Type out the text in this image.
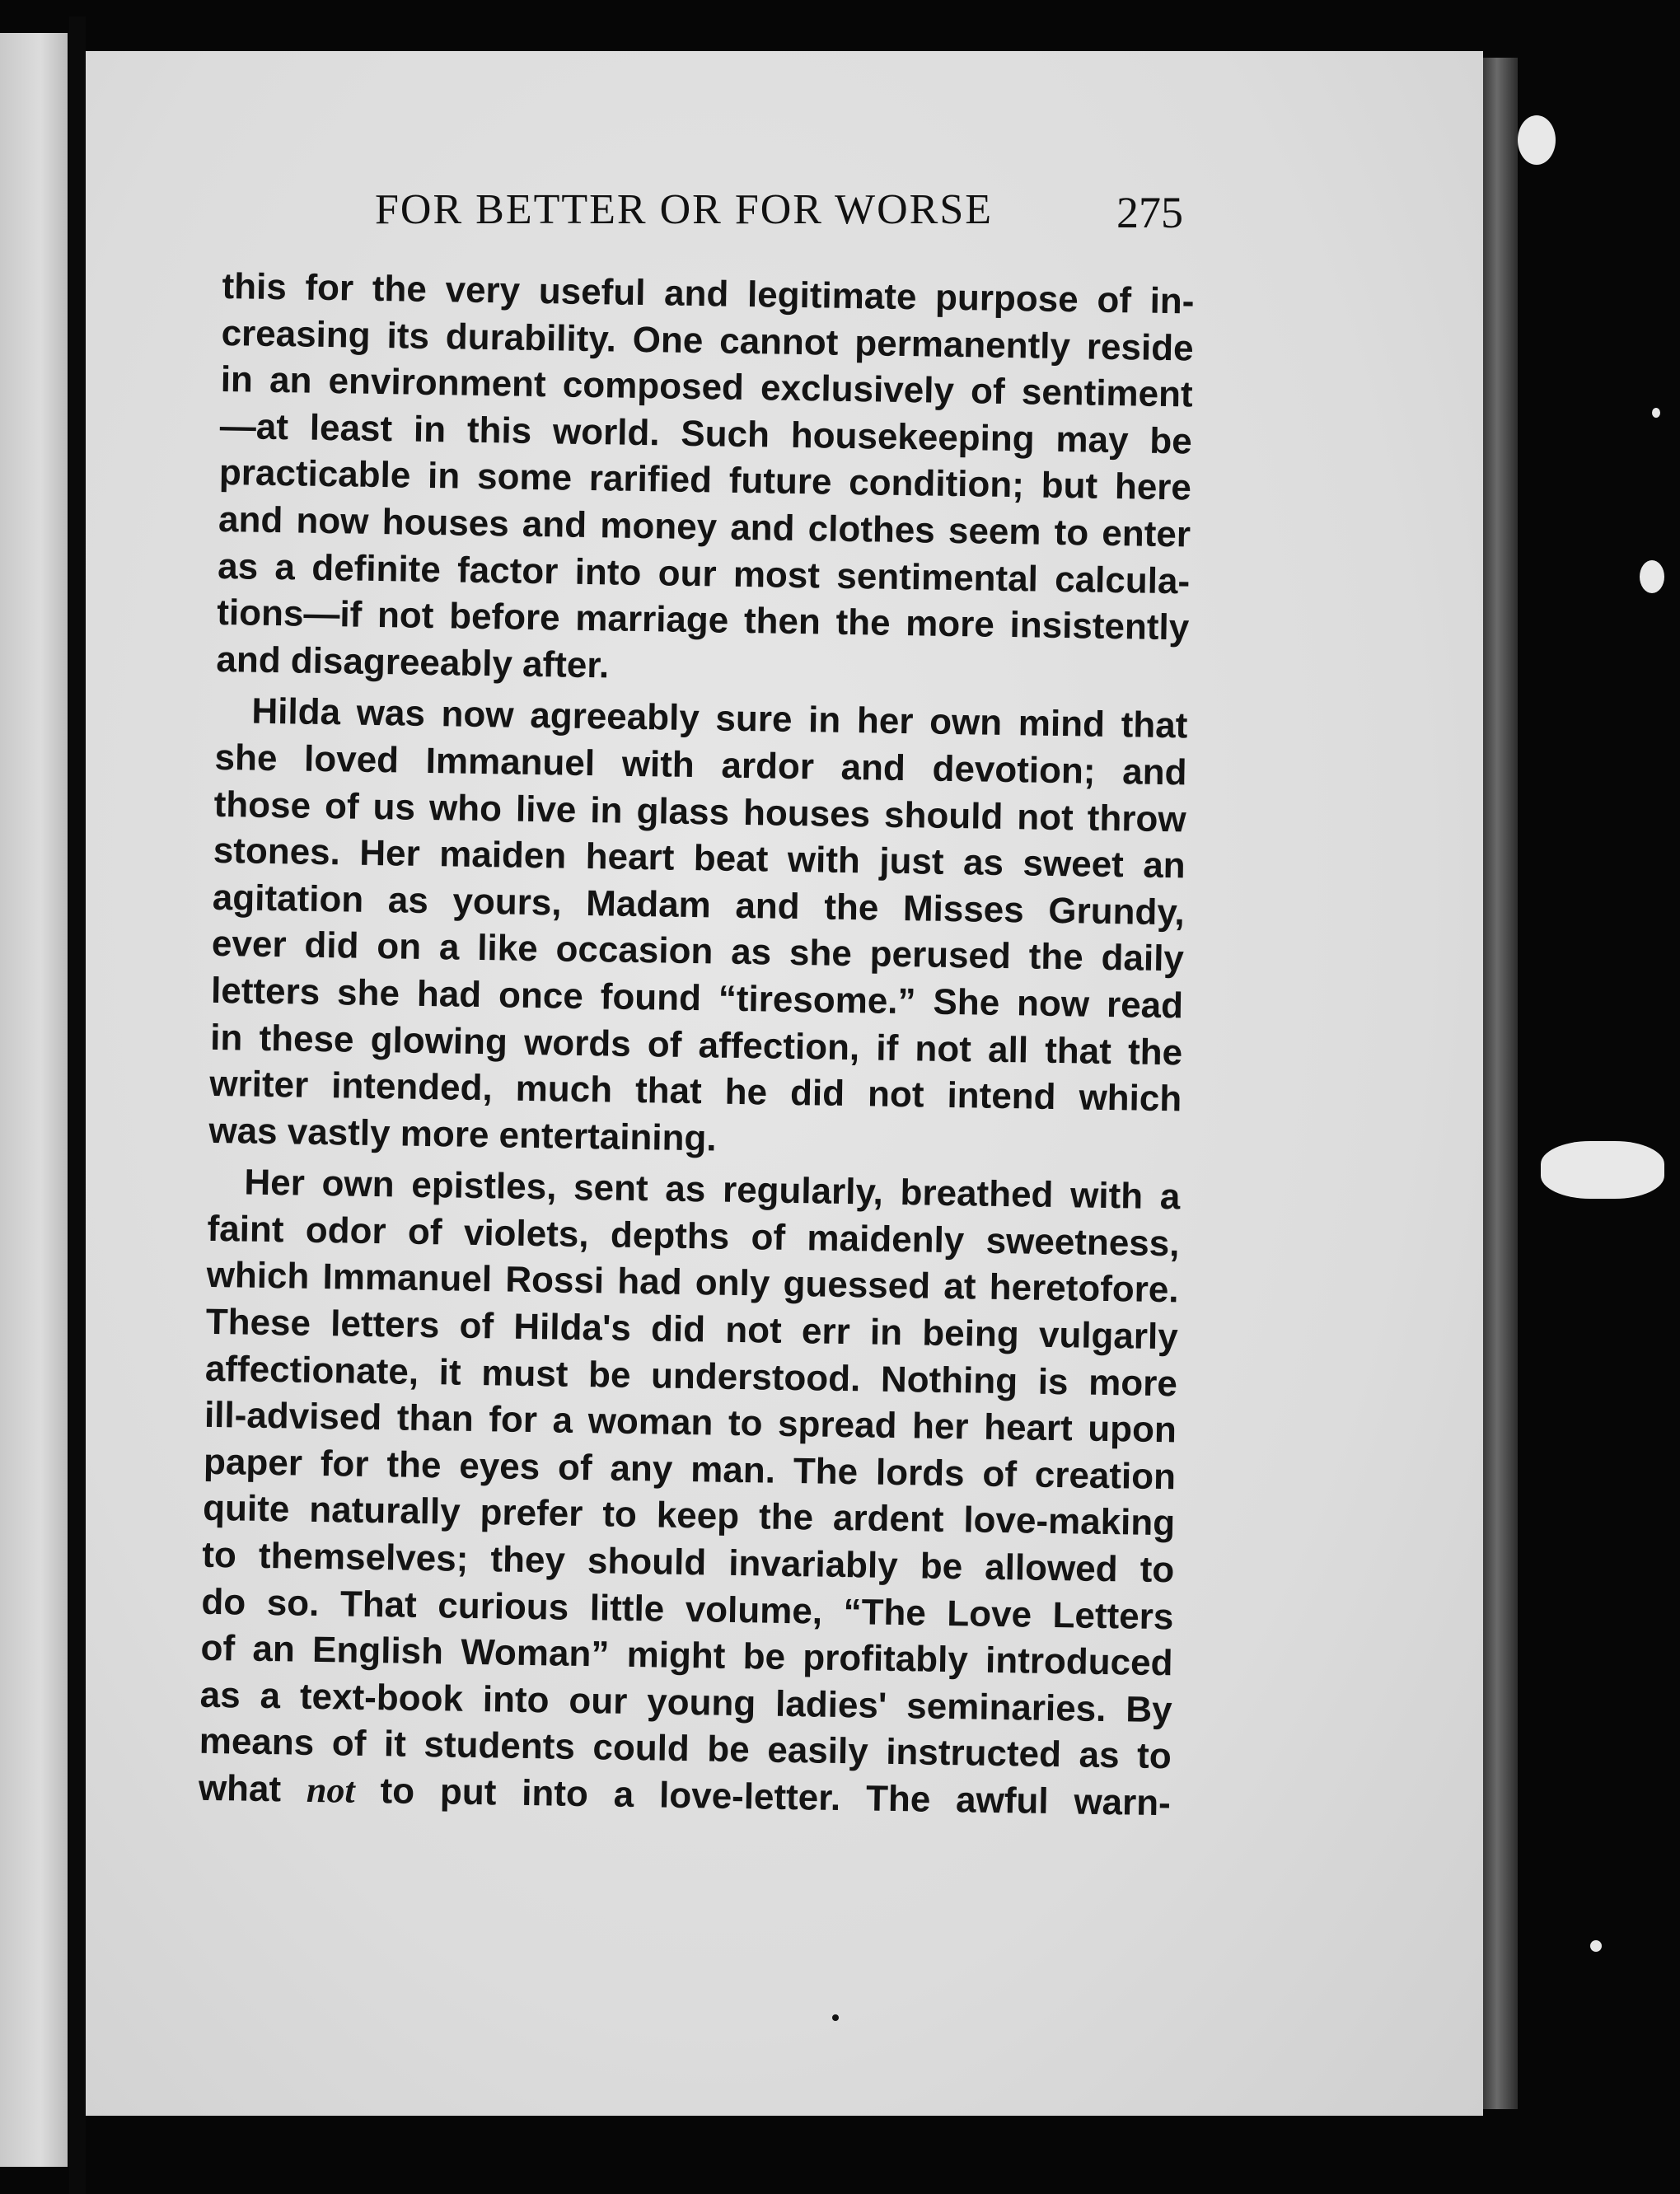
FOR BETTER OR FOR WORSE	275
this for the very useful and legitimate purpose of in-
creasing its durability. One cannot permanently reside
in an environment composed exclusively of sentiment
—at least in this world. Such housekeeping may be
practicable in some rarified future condition; but here
and now houses and money and clothes seem to enter
as a definite factor into our most sentimental calcula-
tions—if not before marriage then the more insistently
and disagreeably after.
Hilda was now agreeably sure in her own mind that
she loved Immanuel with ardor and devotion; and
those of us who live in glass houses should not throw
stones. Her maiden heart beat with just as sweet an
agitation as yours, Madam and the Misses Grundy,
ever did on a like occasion as she perused the daily
letters she had once found “tiresome.” She now read
in these glowing words of affection, if not all that the
writer intended, much that he did not intend which
was vastly more entertaining.
Her own epistles, sent as regularly, breathed with a
faint odor of violets, depths of maidenly sweetness,
which Immanuel Rossi had only guessed at heretofore.
These letters of Hilda's did not err in being vulgarly
affectionate, it must be understood. Nothing is more
ill-advised than for a woman to spread her heart upon
paper for the eyes of any man. The lords of creation
quite naturally prefer to keep the ardent love-making
to themselves; they should invariably be allowed to
do so. That curious little volume, “The Love Letters
of an English Woman” might be profitably introduced
as a text-book into our young ladies' seminaries. By
means of it students could be easily instructed as to
what not to put into a love-letter. The awful warn-
